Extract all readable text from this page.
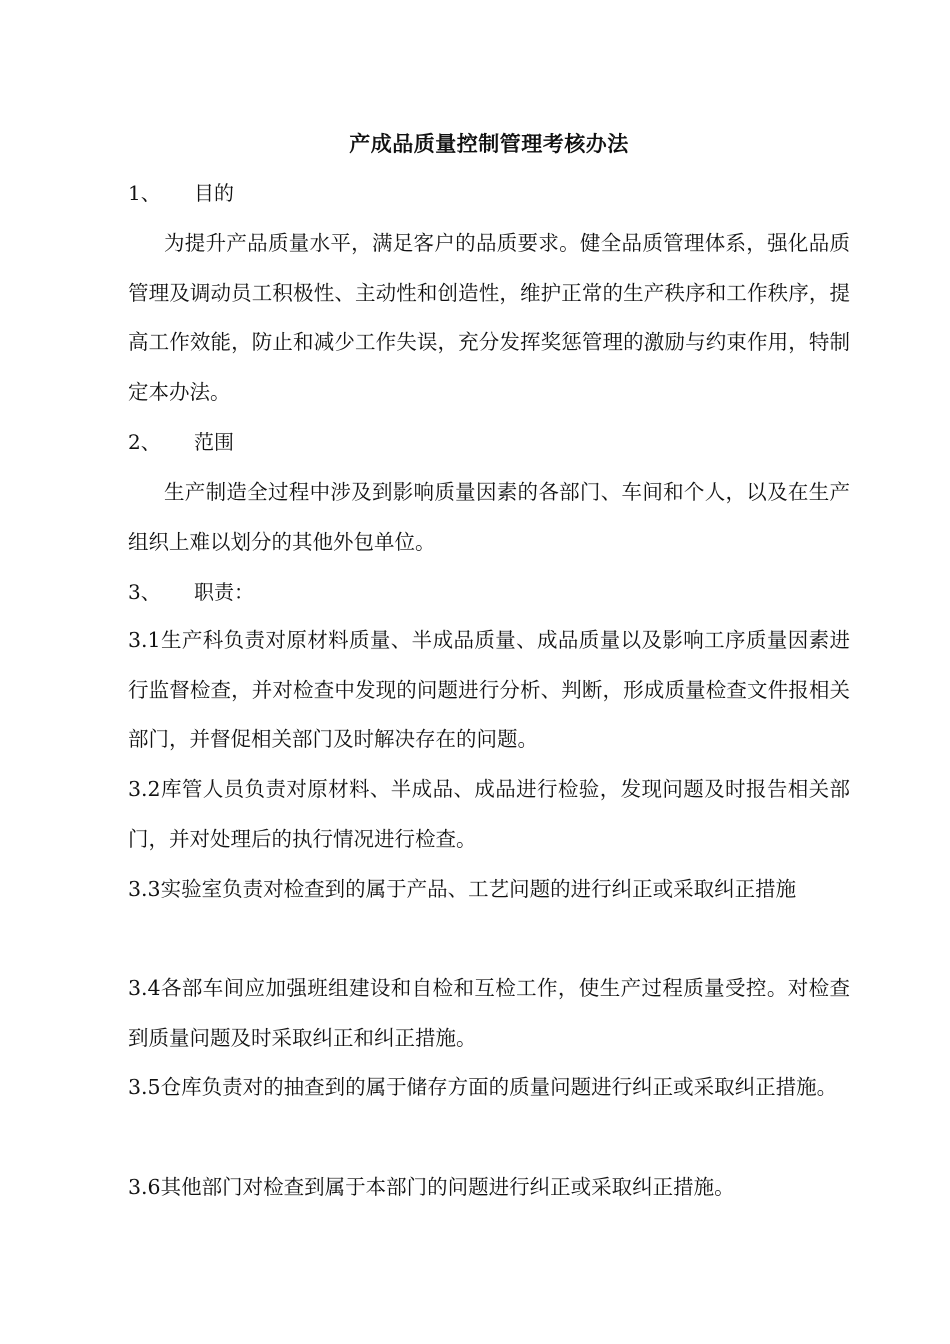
产成品质量控制管理考核办法
1、 目的
为提升产品质量水平，满足客户的品质要求。健全品质管理体系，强化品质管理及调动员工积极性、主动性和创造性，维护正常的生产秩序和工作秩序，提高工作效能，防止和减少工作失误，充分发挥奖惩管理的激励与约束作用，特制定本办法。
2、 范围
生产制造全过程中涉及到影响质量因素的各部门、车间和个人，以及在生产组织上难以划分的其他外包单位。
3、 职责：
3.1生产科负责对原材料质量、半成品质量、成品质量以及影响工序质量因素进行监督检查，并对检查中发现的问题进行分析、判断，形成质量检查文件报相关部门，并督促相关部门及时解决存在的问题。
3.2库管人员负责对原材料、半成品、成品进行检验，发现问题及时报告相关部门，并对处理后的执行情况进行检查。
3.3实验室负责对检查到的属于产品、工艺问题的进行纠正或采取纠正措施
3.4各部车间应加强班组建设和自检和互检工作，使生产过程质量受控。对检查到质量问题及时采取纠正和纠正措施。
3.5仓库负责对的抽查到的属于储存方面的质量问题进行纠正或采取纠正措施。
3.6其他部门对检查到属于本部门的问题进行纠正或采取纠正措施。
